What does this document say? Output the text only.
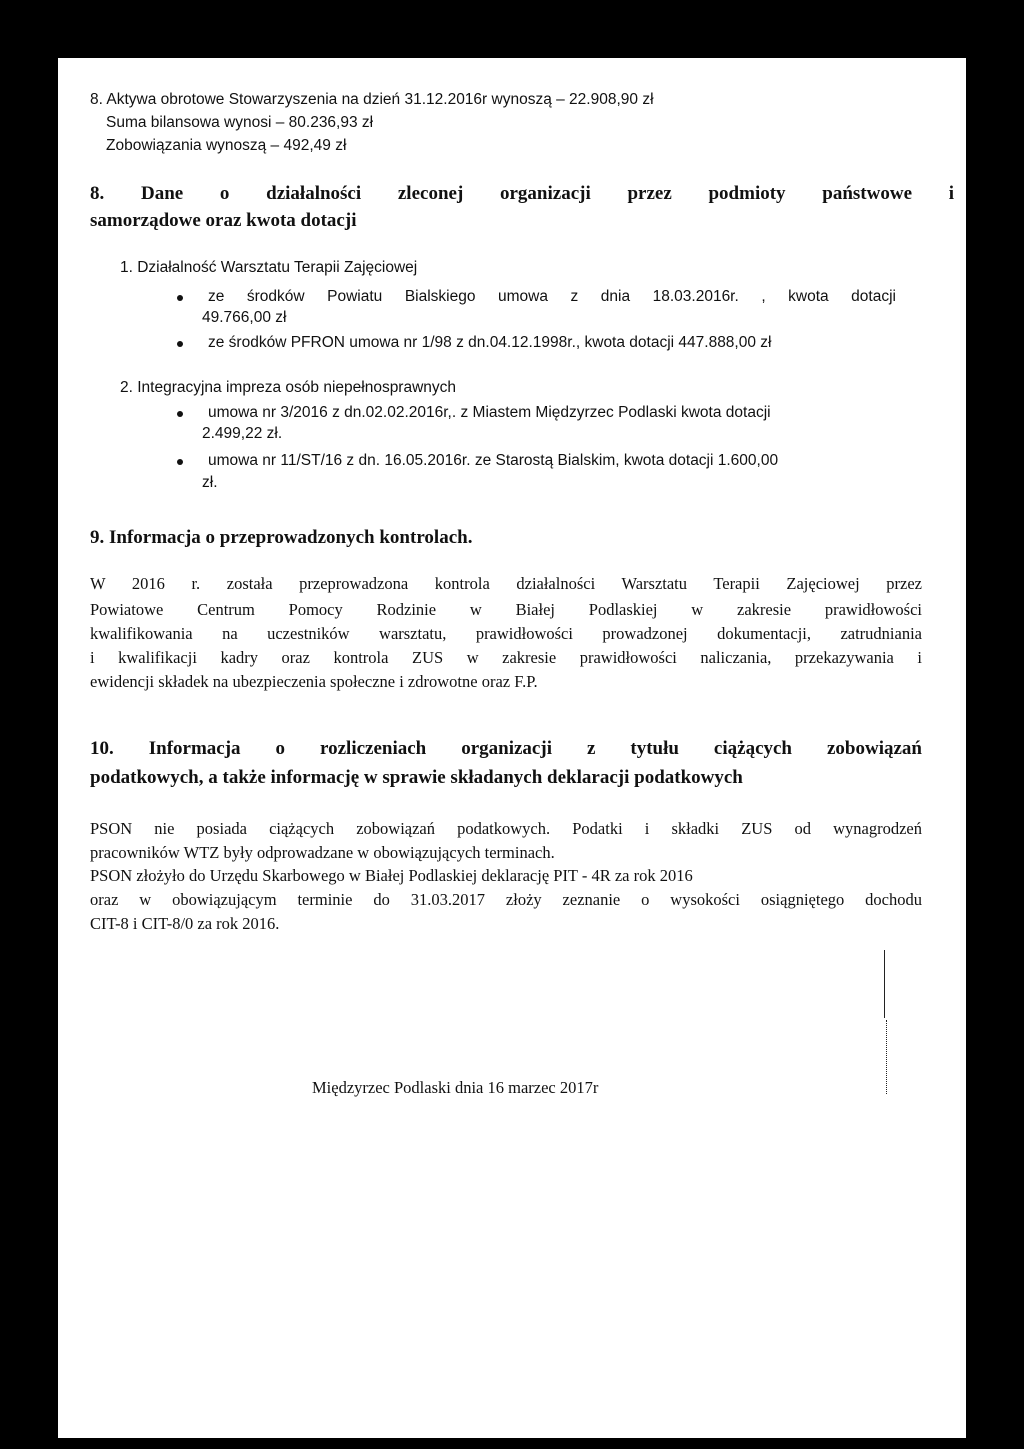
8. Aktywa obrotowe Stowarzyszenia na dzień 31.12.2016r wynoszą – 22.908,90 zł
Suma bilansowa wynosi – 80.236,93 zł
Zobowiązania wynoszą – 492,49 zł
8. Dane o działalności zleconej organizacji przez podmioty państwowe i
samorządowe oraz kwota dotacji
1. Działalność Warsztatu Terapii Zajęciowej
ze środków Powiatu Bialskiego umowa z dnia 18.03.2016r. , kwota dotacji
49.766,00 zł
ze środków PFRON umowa nr 1/98 z dn.04.12.1998r., kwota dotacji 447.888,00 zł
2. Integracyjna impreza osób niepełnosprawnych
umowa nr 3/2016 z dn.02.02.2016r,. z Miastem Międzyrzec Podlaski kwota dotacji
2.499,22 zł.
umowa nr 11/ST/16 z dn. 16.05.2016r. ze Starostą Bialskim, kwota dotacji 1.600,00
zł.
9. Informacja o przeprowadzonych kontrolach.
W 2016 r. została przeprowadzona kontrola działalności Warsztatu Terapii Zajęciowej przez
Powiatowe Centrum Pomocy Rodzinie w Białej Podlaskiej w zakresie prawidłowości
kwalifikowania na uczestników warsztatu, prawidłowości prowadzonej dokumentacji, zatrudniania
i kwalifikacji kadry oraz kontrola ZUS w zakresie prawidłowości naliczania, przekazywania i
ewidencji składek na ubezpieczenia społeczne i zdrowotne oraz F.P.
10. Informacja o rozliczeniach organizacji z tytułu ciążących zobowiązań
podatkowych, a także informację w sprawie składanych deklaracji podatkowych
PSON nie posiada ciążących zobowiązań podatkowych. Podatki i składki ZUS od wynagrodzeń
pracowników WTZ były odprowadzane w obowiązujących terminach.
PSON złożyło do Urzędu Skarbowego w Białej Podlaskiej deklarację PIT - 4R za rok 2016
oraz w obowiązującym terminie do 31.03.2017 złoży zeznanie o wysokości osiągniętego dochodu
CIT-8 i CIT-8/0 za rok 2016.
Międzyrzec Podlaski dnia 16 marzec 2017r
